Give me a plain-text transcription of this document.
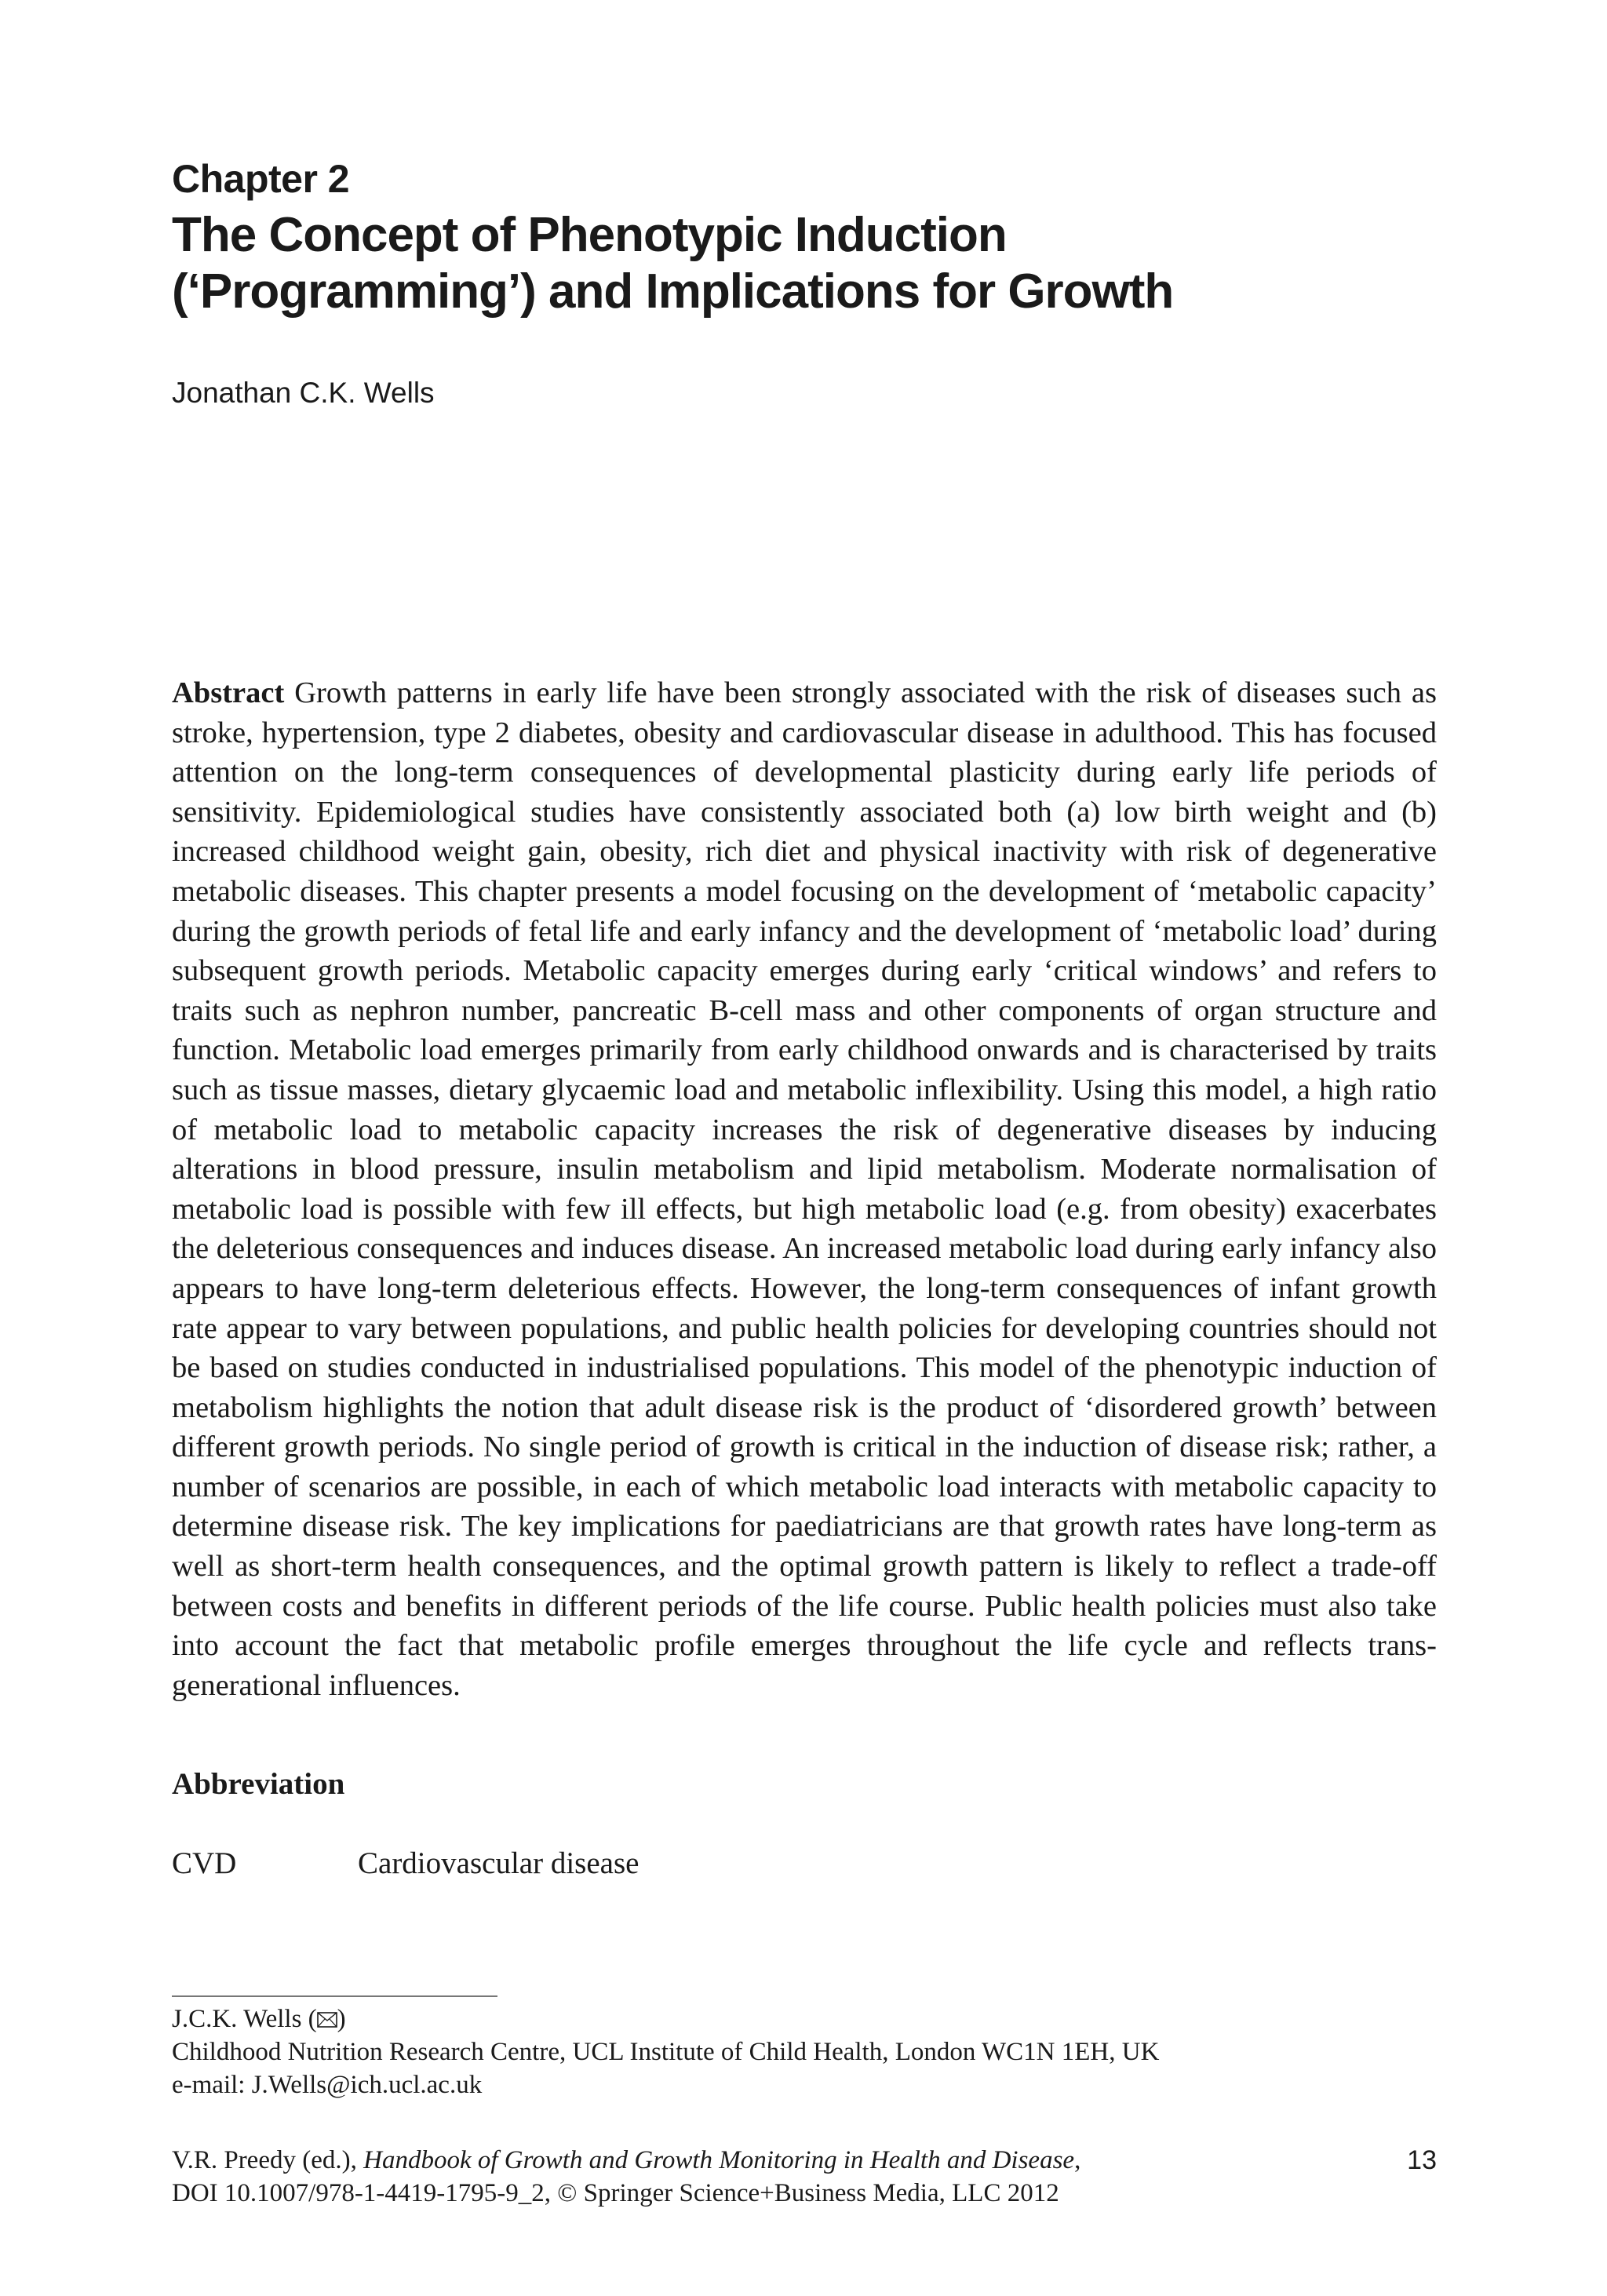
Chapter 2
The Concept of Phenotypic Induction
(‘Programming’) and Implications for Growth
Jonathan C.K. Wells

Abstract Growth patterns in early life have been strongly associated with the risk of diseases such as stroke, hypertension, type 2 diabetes, obesity and cardiovascular disease in adulthood. This has focused attention on the long-term consequences of developmental plasticity during early life periods of sensitivity. Epidemiological studies have consistently associated both (a) low birth weight and (b) increased childhood weight gain, obesity, rich diet and physical inactivity with risk of degenerative metabolic diseases. This chapter presents a model focusing on the development of ‘metabolic capacity’ during the growth periods of fetal life and early infancy and the development of ‘metabolic load’ during subsequent growth periods. Metabolic capacity emerges during early ‘critical windows’ and refers to traits such as nephron number, pancreatic B-cell mass and other components of organ structure and function. Metabolic load emerges primarily from early childhood onwards and is characterised by traits such as tissue masses, dietary glycaemic load and metabolic inflexibility. Using this model, a high ratio of metabolic load to metabolic capacity increases the risk of degenerative diseases by inducing alterations in blood pressure, insulin metabolism and lipid metabolism. Moderate normalisation of metabolic load is possible with few ill effects, but high metabolic load (e.g. from obesity) exacerbates the deleterious consequences and induces disease. An increased metabolic load during early infancy also appears to have long-term deleterious effects. However, the long-term consequences of infant growth rate appear to vary between populations, and public health policies for developing countries should not be based on studies conducted in industrialised populations. This model of the phenotypic induction of metabolism highlights the notion that adult disease risk is the product of ‘disordered growth’ between different growth periods. No single period of growth is critical in the induction of disease risk; rather, a number of scenarios are possible, in each of which metabolic load interacts with metabolic capacity to determine disease risk. The key implications for paediatricians are that growth rates have long-term as well as short-term health consequences, and the optimal growth pattern is likely to reflect a trade-off between costs and benefits in different periods of the life course. Public health policies must also take into account the fact that metabolic profile emerges throughout the life cycle and reflects trans-generational influences.

Abbreviation
CVD	Cardiovascular disease
J.C.K. Wells ( )
Childhood Nutrition Research Centre, UCL Institute of Child Health, London WC1N 1EH, UK
e-mail: J.Wells@ich.ucl.ac.uk
V.R. Preedy (ed.), Handbook of Growth and Growth Monitoring in Health and Disease,
DOI 10.1007/978-1-4419-1795-9_2, © Springer Science+Business Media, LLC 2012
13
